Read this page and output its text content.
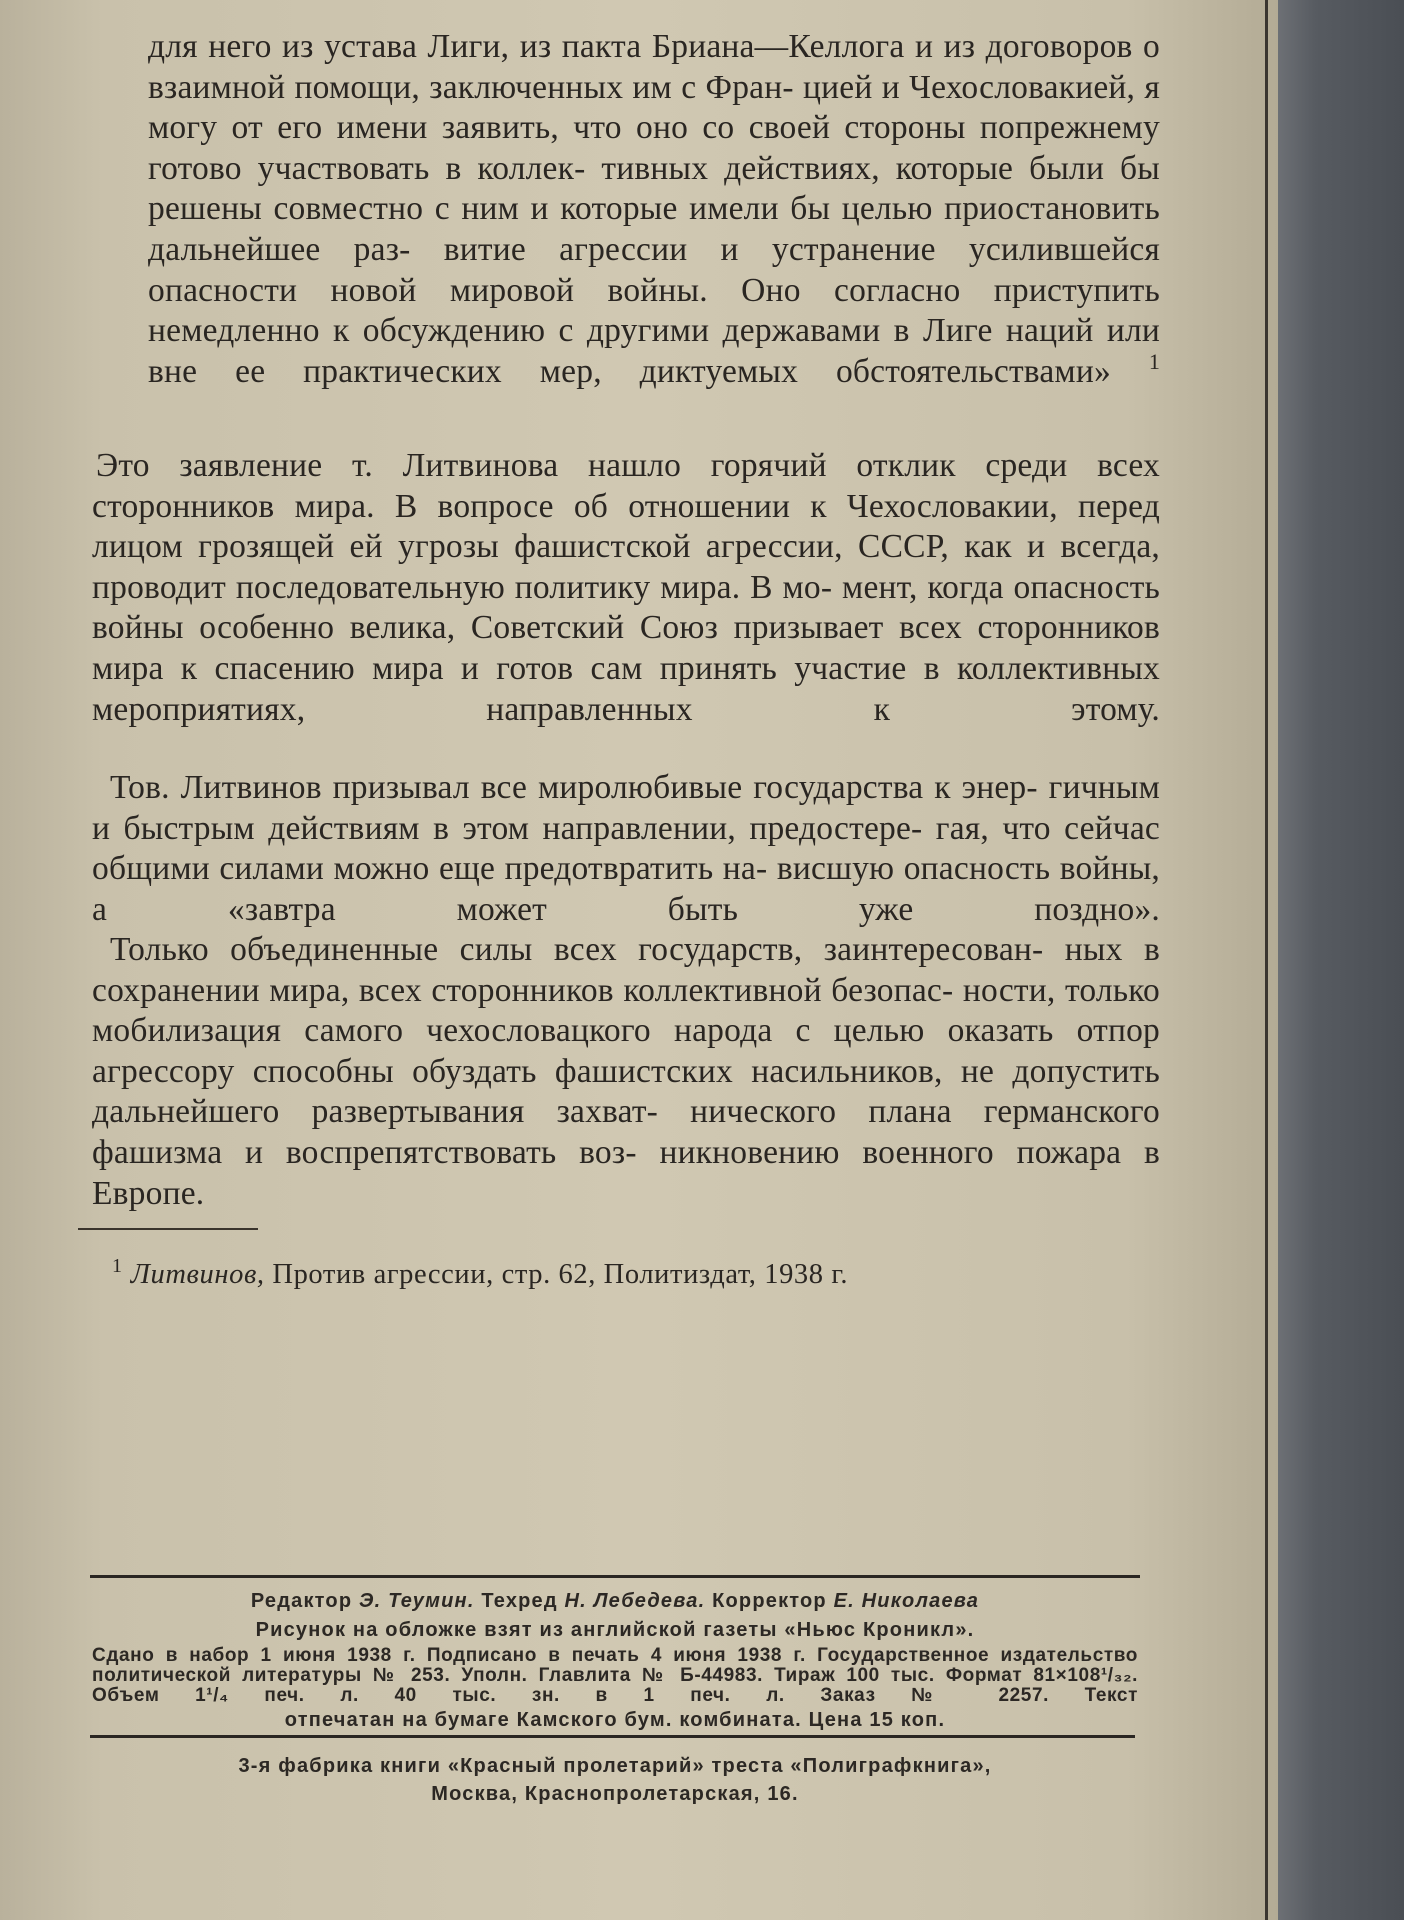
для него из устава Лиги, из пакта Бриана—Келлога и из договоров о взаимной помощи, заключенных им с Фран- цией и Чехословакией, я могу от его имени заявить, что оно со своей стороны попрежнему готово участвовать в коллек- тивных действиях, которые были бы решены совместно с ним и которые имели бы целью приостановить дальнейшее раз- витие агрессии и устранение усилившейся опасности новой мировой войны. Оно согласно приступить немедленно к обсуждению с другими державами в Лиге наций или вне ее практических мер, диктуемых обстоятельствами» $^1$

Это заявление т. Литвинова нашло горячий отклик среди всех сторонников мира. В вопросе об отношении к Чехословакии, перед лицом грозящей ей угрозы фашистской агрессии, СССР, как и всегда, проводит последовательную политику мира. В мо- мент, когда опасность войны особенно велика, Советский Союз призывает всех сторонников мира к спасению мира и готов сам принять участие в коллективных мероприятиях, направленных	к этому.

Тов. Литвинов призывал все миролюбивые государства к энер- гичным и быстрым действиям в этом направлении, предостере- гая, что сейчас общими силами можно еще предотвратить на- висшую опасность войны, а «завтра может быть уже поздно».

Только объединенные силы всех государств, заинтересован- ных в сохранении мира, всех сторонников коллективной безопас- ности, только мобилизация самого чехословацкого народа с целью оказать отпор агрессору способны обуздать фашистских насильников, не допустить дальнейшего развертывания захват- нического плана германского фашизма и воспрепятствовать воз- никновению военного пожара в Европе.

$^1$ Литвинов, Против агрессии, стр. 62, Политиздат, 1938 г.

Редактор Э. Теумин. Техред Н. Лебедева. Корректор Е. Николаева

Рисунок на обложке взят из английской газеты «Ньюс Кроникл».

Сдано в набор 1 июня 1938 г. Подписано в печать 4 июня 1938 г. Государственное издательство политической литературы № 253. Уполн. Главлита № Б-44983. Тираж 100 тыс. Формат 81×108¹/₃₂. Объем 1¹/₄ печ. л. 40 тыс. зн. в 1 печ. л. Заказ № 2257. Текст

отпечатан на бумаге Камского бум. комбината. Цена 15 коп.

3-я фабрика книги «Красный пролетарий» треста «Полиграфкнига»,
Москва, Краснопролетарская, 16.
